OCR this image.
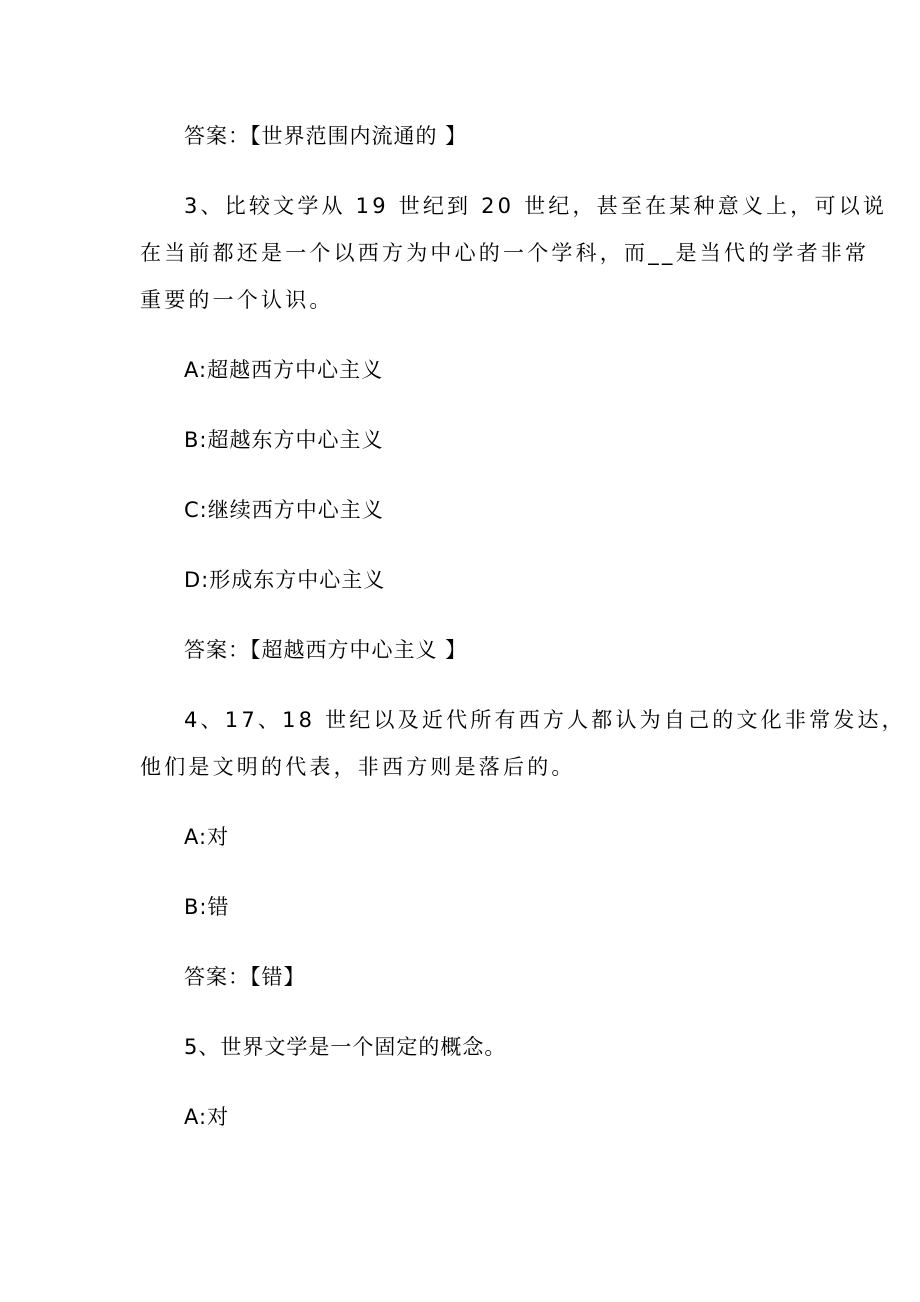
答案：【世界范围内流通的 】
3、比较文学从 19 世纪到 20 世纪，甚至在某种意义上，可以说
在当前都还是一个以西方为中心的一个学科，而__是当代的学者非常
重要的一个认识。
A:超越西方中心主义
B:超越东方中心主义
C:继续西方中心主义
D:形成东方中心主义
答案：【超越西方中心主义 】
4、17、18 世纪以及近代所有西方人都认为自己的文化非常发达，
他们是文明的代表，非西方则是落后的。
A:对
B:错
答案：【错】
5、世界文学是一个固定的概念。
A:对
